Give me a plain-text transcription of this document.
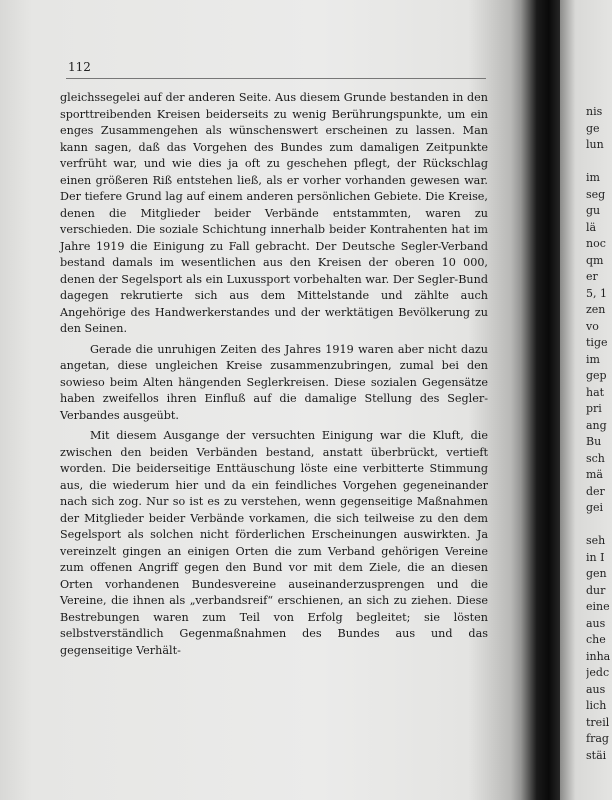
112

gleichssegelei auf der anderen Seite. Aus diesem Grunde bestanden in den sporttreibenden Kreisen beiderseits zu wenig Berührungspunkte, um ein enges Zusammengehen als wünschenswert erscheinen zu lassen. Man kann sagen, daß das Vorgehen des Bundes zum damaligen Zeitpunkte verfrüht war, und wie dies ja oft zu geschehen pflegt, der Rückschlag einen größeren Riß entstehen ließ, als er vorher vorhanden gewesen war. Der tiefere Grund lag auf einem anderen persönlichen Gebiete. Die Kreise, denen die Mitglieder beider Verbände entstammten, waren zu verschieden. Die soziale Schichtung innerhalb beider Kontrahenten hat im Jahre 1919 die Einigung zu Fall gebracht. Der Deutsche Segler-Verband bestand damals im wesentlichen aus den Kreisen der oberen 10 000, denen der Segelsport als ein Luxussport vorbehalten war. Der Segler-Bund dagegen rekrutierte sich aus dem Mittelstande und zählte auch Angehörige des Handwerkerstandes und der werktätigen Bevölkerung zu den Seinen.

Gerade die unruhigen Zeiten des Jahres 1919 waren aber nicht dazu angetan, diese ungleichen Kreise zusammenzubringen, zumal bei den sowieso beim Alten hängenden Seglerkreisen. Diese sozialen Gegensätze haben zweifellos ihren Einfluß auf die damalige Stellung des Segler-Verbandes ausgeübt.

Mit diesem Ausgange der versuchten Einigung war die Kluft, die zwischen den beiden Verbänden bestand, anstatt überbrückt, vertieft worden. Die beiderseitige Enttäuschung löste eine verbitterte Stimmung aus, die wiederum hier und da ein feindliches Vorgehen gegeneinander nach sich zog. Nur so ist es zu verstehen, wenn gegenseitige Maßnahmen der Mitglieder beider Verbände vorkamen, die sich teilweise zu den dem Segelsport als solchen nicht förderlichen Erscheinungen auswirkten. Ja vereinzelt gingen an einigen Orten die zum Verband gehörigen Vereine zum offenen Angriff gegen den Bund vor mit dem Ziele, die an diesen Orten vorhandenen Bundesvereine auseinanderzusprengen und die Vereine, die ihnen als „verbandsreif“ erschienen, an sich zu ziehen. Diese Bestrebungen waren zum Teil von Erfolg begleitet; sie lösten selbstverständlich Gegenmaßnahmen des Bundes aus und das gegenseitige Verhält-

nis
ge
lun
im
seg
gu
lä
noc
qm
er
5, 1
zen
vo
tige
im
gep
hat
pri
ang
Bu
sch
mä
der
gei
seh
in I
gen
dur
eine
aus
che
inha
jedc
aus
lich
treil
frag
stäi
